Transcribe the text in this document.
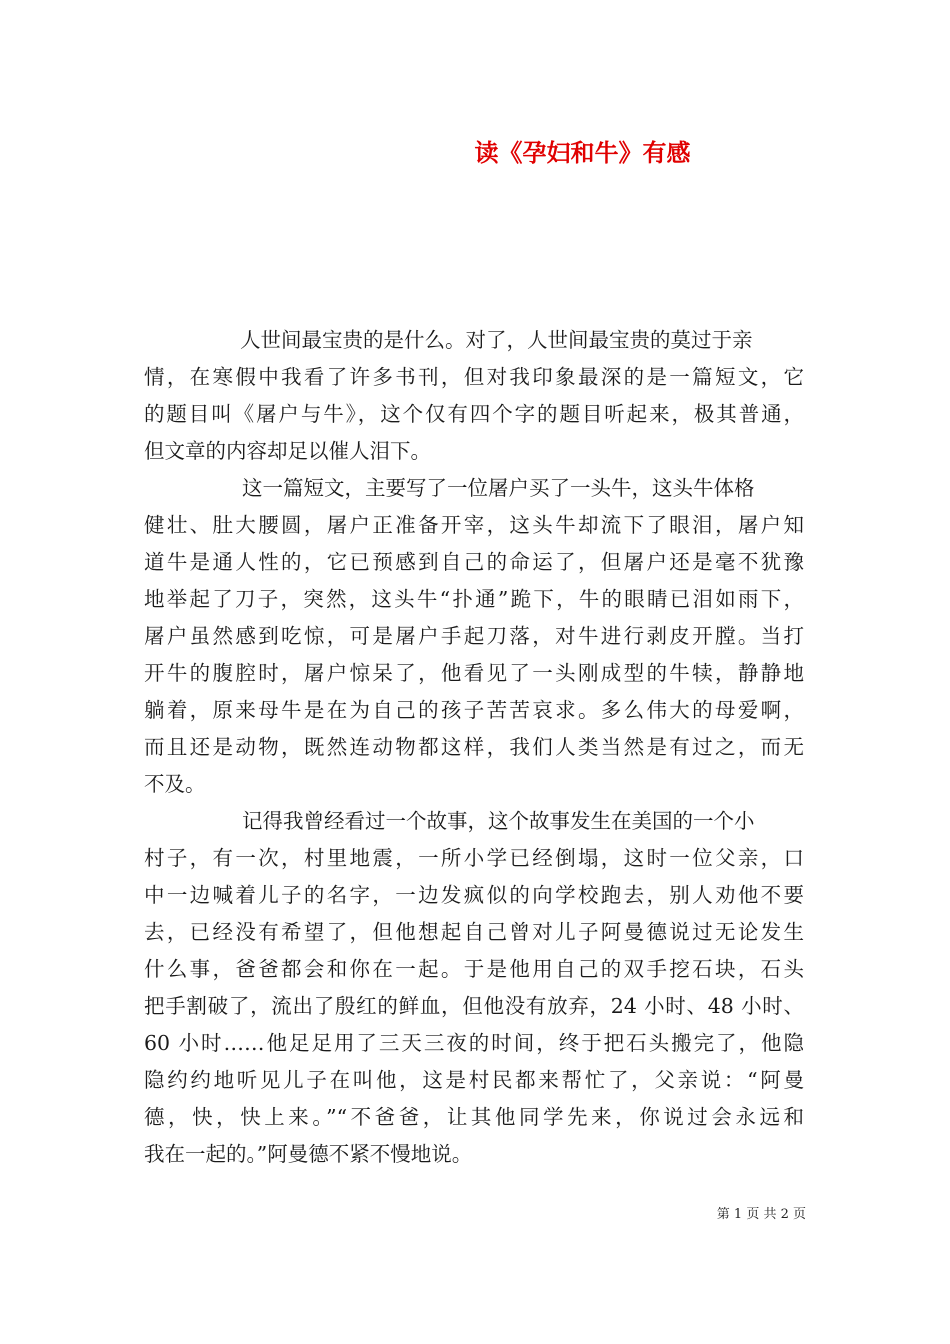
读《孕妇和牛》有感
人世间最宝贵的是什么。对了，人世间最宝贵的莫过于亲
情，在寒假中我看了许多书刊，但对我印象最深的是一篇短文，它
的题目叫《屠户与牛》，这个仅有四个字的题目听起来，极其普通，
但文章的内容却足以催人泪下。
这一篇短文，主要写了一位屠户买了一头牛，这头牛体格
健壮、肚大腰圆，屠户正准备开宰，这头牛却流下了眼泪，屠户知
道牛是通人性的，它已预感到自己的命运了，但屠户还是毫不犹豫
地举起了刀子，突然，这头牛“扑通”跪下，牛的眼睛已泪如雨下，
屠户虽然感到吃惊，可是屠户手起刀落，对牛进行剥皮开膛。当打
开牛的腹腔时，屠户惊呆了，他看见了一头刚成型的牛犊，静静地
躺着，原来母牛是在为自己的孩子苦苦哀求。多么伟大的母爱啊，
而且还是动物，既然连动物都这样，我们人类当然是有过之，而无
不及。
记得我曾经看过一个故事，这个故事发生在美国的一个小
村子，有一次，村里地震，一所小学已经倒塌，这时一位父亲，口
中一边喊着儿子的名字，一边发疯似的向学校跑去，别人劝他不要
去，已经没有希望了，但他想起自己曾对儿子阿曼德说过无论发生
什么事，爸爸都会和你在一起。于是他用自己的双手挖石块，石头
把手割破了，流出了殷红的鲜血，但他没有放弃，24 小时、48 小时、
60 小时……他足足用了三天三夜的时间，终于把石头搬完了，他隐
隐约约地听见儿子在叫他，这是村民都来帮忙了，父亲说：“阿曼
德，快，快上来。”“不爸爸，让其他同学先来，你说过会永远和
我在一起的。”阿曼德不紧不慢地说。
第 1 页 共 2 页
